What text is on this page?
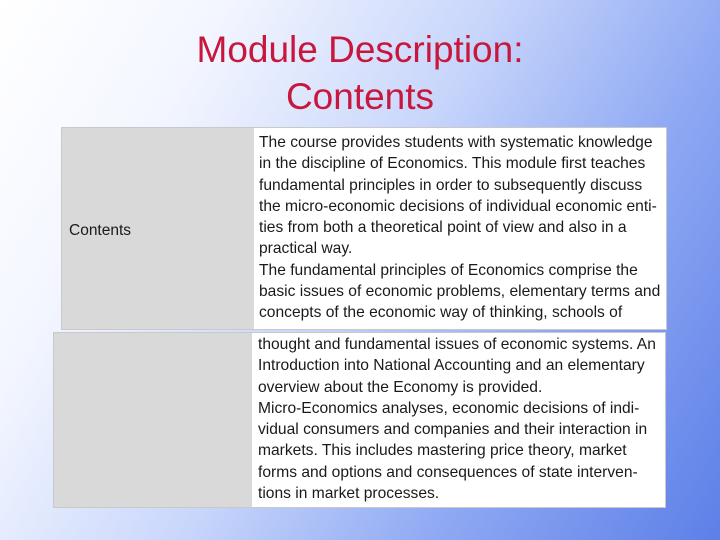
Module Description:
Contents
Contents
The course provides students with systematic knowledge
in the discipline of Economics. This module first teaches
fundamental principles in order to subsequently discuss
the micro-economic decisions of individual economic enti-
ties from both a theoretical point of view and also in a
practical way.
The fundamental principles of Economics comprise the
basic issues of economic problems, elementary terms and
concepts of the economic way of thinking, schools of
thought and fundamental issues of economic systems. An
Introduction into National Accounting and an elementary
overview about the Economy is provided.
Micro-Economics analyses, economic decisions of indi-
vidual consumers and companies and their interaction in
markets. This includes mastering price theory, market
forms and options and consequences of state interven-
tions in market processes.
